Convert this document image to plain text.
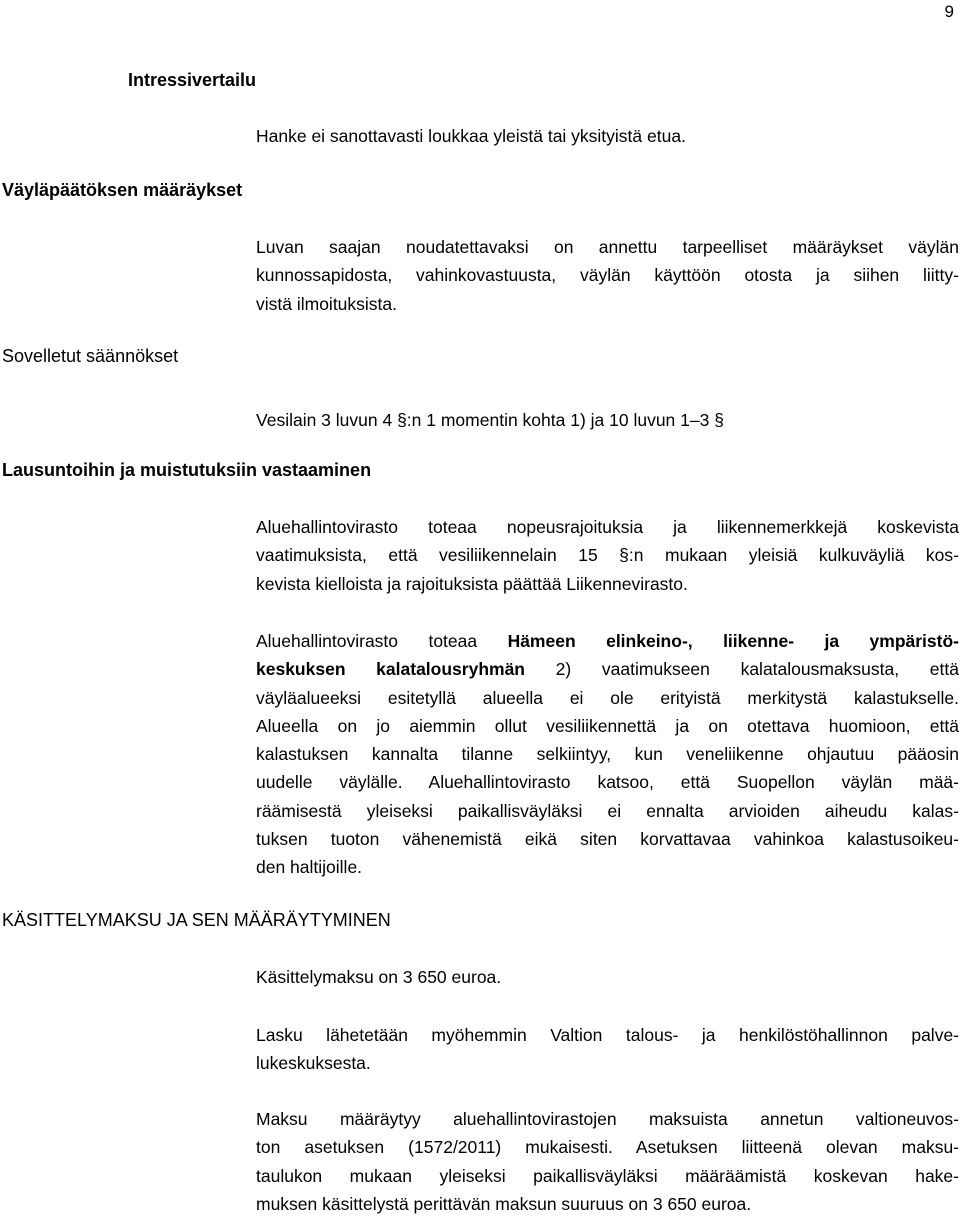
9
Intressivertailu
Hanke ei sanottavasti loukkaa yleistä tai yksityistä etua.
Väyläpäätöksen määräykset
Luvan saajan noudatettavaksi on annettu tarpeelliset määräykset väylän
kunnossapidosta, vahinkovastuusta, väylän käyttöön otosta ja siihen liitty-
vistä ilmoituksista.
Sovelletut säännökset
Vesilain 3 luvun 4 §:n 1 momentin kohta 1) ja 10 luvun 1–3 §
Lausuntoihin ja muistutuksiin vastaaminen
Aluehallintovirasto toteaa nopeusrajoituksia ja liikennemerkkejä koskevista
vaatimuksista, että vesiliikennelain 15 §:n mukaan yleisiä kulkuväyliä kos-
kevista kielloista ja rajoituksista päättää Liikennevirasto.
Aluehallintovirasto toteaa Hämeen elinkeino-, liikenne- ja ympäristö-
keskuksen kalatalousryhmän 2) vaatimukseen kalatalousmaksusta, että
väyläalueeksi esitetyllä alueella ei ole erityistä merkitystä kalastukselle.
Alueella on jo aiemmin ollut vesiliikennettä ja on otettava huomioon, että
kalastuksen kannalta tilanne selkiintyy, kun veneliikenne ohjautuu pääosin
uudelle väylälle. Aluehallintovirasto katsoo, että Suopellon väylän mää-
räämisestä yleiseksi paikallisväyläksi ei ennalta arvioiden aiheudu kalas-
tuksen tuoton vähenemistä eikä siten korvattavaa vahinkoa kalastusoikeu-
den haltijoille.
KÄSITTELYMAKSU JA SEN MÄÄRÄYTYMINEN
Käsittelymaksu on 3 650 euroa.
Lasku lähetetään myöhemmin Valtion talous- ja henkilöstöhallinnon palve-
lukeskuksesta.
Maksu määräytyy aluehallintovirastojen maksuista annetun valtioneuvos-
ton asetuksen (1572/2011) mukaisesti. Asetuksen liitteenä olevan maksu-
taulukon mukaan yleiseksi paikallisväyläksi määräämistä koskevan hake-
muksen käsittelystä perittävän maksun suuruus on 3 650 euroa.
